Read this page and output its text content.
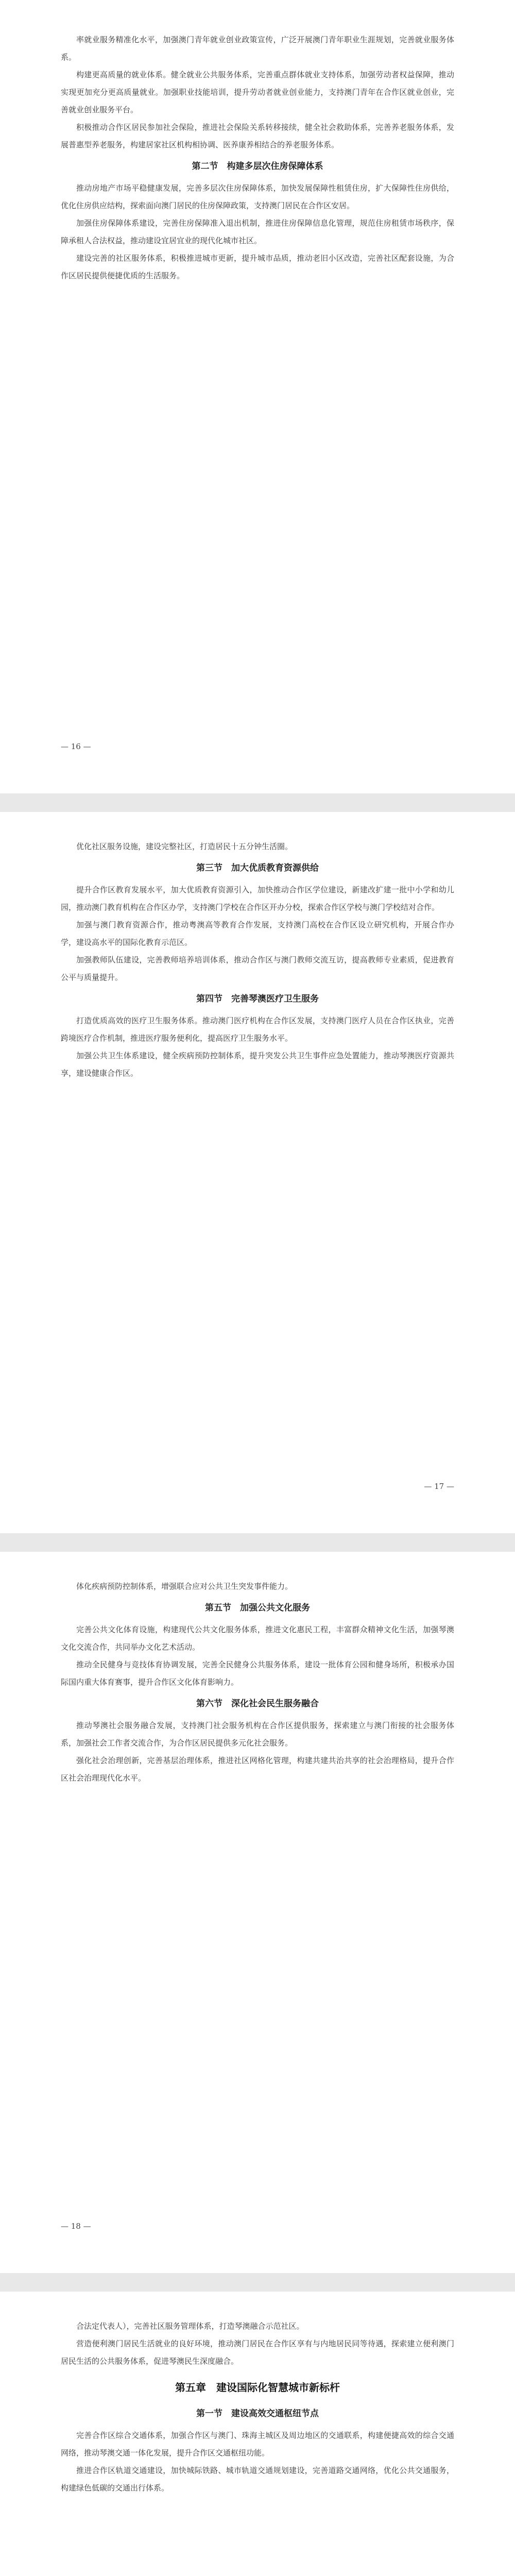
率就业服务精准化水平，加强澳门青年就业创业政策宣传，广泛开展澳门青年职业生涯规划，完善就业服务体系。

构建更高质量的就业体系。健全就业公共服务体系，完善重点群体就业支持体系，加强劳动者权益保障，推动实现更加充分更高质量就业。加强职业技能培训，提升劳动者就业创业能力，支持澳门青年在合作区就业创业，完善就业创业服务平台。

积极推动合作区居民参加社会保险，推进社会保险关系转移接续，健全社会救助体系，完善养老服务体系，发展普惠型养老服务，构建居家社区机构相协调、医养康养相结合的养老服务体系。

第二节　构建多层次住房保障体系

推动房地产市场平稳健康发展，完善多层次住房保障体系，加快发展保障性租赁住房，扩大保障性住房供给，优化住房供应结构，探索面向澳门居民的住房保障政策，支持澳门居民在合作区安居。

加强住房保障体系建设，完善住房保障准入退出机制，推进住房保障信息化管理，规范住房租赁市场秩序，保障承租人合法权益，推动建设宜居宜业的现代化城市社区。

建设完善的社区服务体系，积极推进城市更新，提升城市品质，推动老旧小区改造，完善社区配套设施，为合作区居民提供便捷优质的生活服务。

— 16 —

优化社区服务设施，建设完整社区，打造居民十五分钟生活圈。

第三节　加大优质教育资源供给

提升合作区教育发展水平，加大优质教育资源引入，加快推动合作区学位建设，新建改扩建一批中小学和幼儿园，推动澳门教育机构在合作区办学，支持澳门学校在合作区开办分校，探索合作区学校与澳门学校结对合作。

加强与澳门教育资源合作，推动粤澳高等教育合作发展，支持澳门高校在合作区设立研究机构，开展合作办学，建设高水平的国际化教育示范区。

加强教师队伍建设，完善教师培养培训体系，推动合作区与澳门教师交流互访，提高教师专业素质，促进教育公平与质量提升。

第四节　完善琴澳医疗卫生服务

打造优质高效的医疗卫生服务体系。推动澳门医疗机构在合作区发展，支持澳门医疗人员在合作区执业，完善跨境医疗合作机制，推进医疗服务便利化，提高医疗卫生服务水平。

加强公共卫生体系建设，健全疾病预防控制体系，提升突发公共卫生事件应急处置能力，推动琴澳医疗资源共享，建设健康合作区。

— 17 —

体化疾病预防控制体系，增强联合应对公共卫生突发事件能力。

第五节　加强公共文化服务

完善公共文化体育设施，构建现代公共文化服务体系，推进文化惠民工程，丰富群众精神文化生活，加强琴澳文化交流合作，共同举办文化艺术活动。

推动全民健身与竞技体育协调发展，完善全民健身公共服务体系，建设一批体育公园和健身场所，积极承办国际国内重大体育赛事，提升合作区文化体育影响力。

第六节　深化社会民生服务融合

推动琴澳社会服务融合发展，支持澳门社会服务机构在合作区提供服务，探索建立与澳门衔接的社会服务体系，加强社会工作者交流合作，为合作区居民提供多元化社会服务。

强化社会治理创新，完善基层治理体系，推进社区网格化管理，构建共建共治共享的社会治理格局，提升合作区社会治理现代化水平。

— 18 —

合法定代表人），完善社区服务管理体系，打造琴澳融合示范社区。

营造便利澳门居民生活就业的良好环境，推动澳门居民在合作区享有与内地居民同等待遇，探索建立便利澳门居民生活的公共服务体系，促进琴澳民生深度融合。

第五章　建设国际化智慧城市新标杆
第一节　建设高效交通枢纽节点

完善合作区综合交通体系，加强合作区与澳门、珠海主城区及周边地区的交通联系，构建便捷高效的综合交通网络，推动琴澳交通一体化发展，提升合作区交通枢纽功能。

推进合作区轨道交通建设，加快城际铁路、城市轨道交通规划建设，完善道路交通网络，优化公共交通服务，构建绿色低碳的交通出行体系。
